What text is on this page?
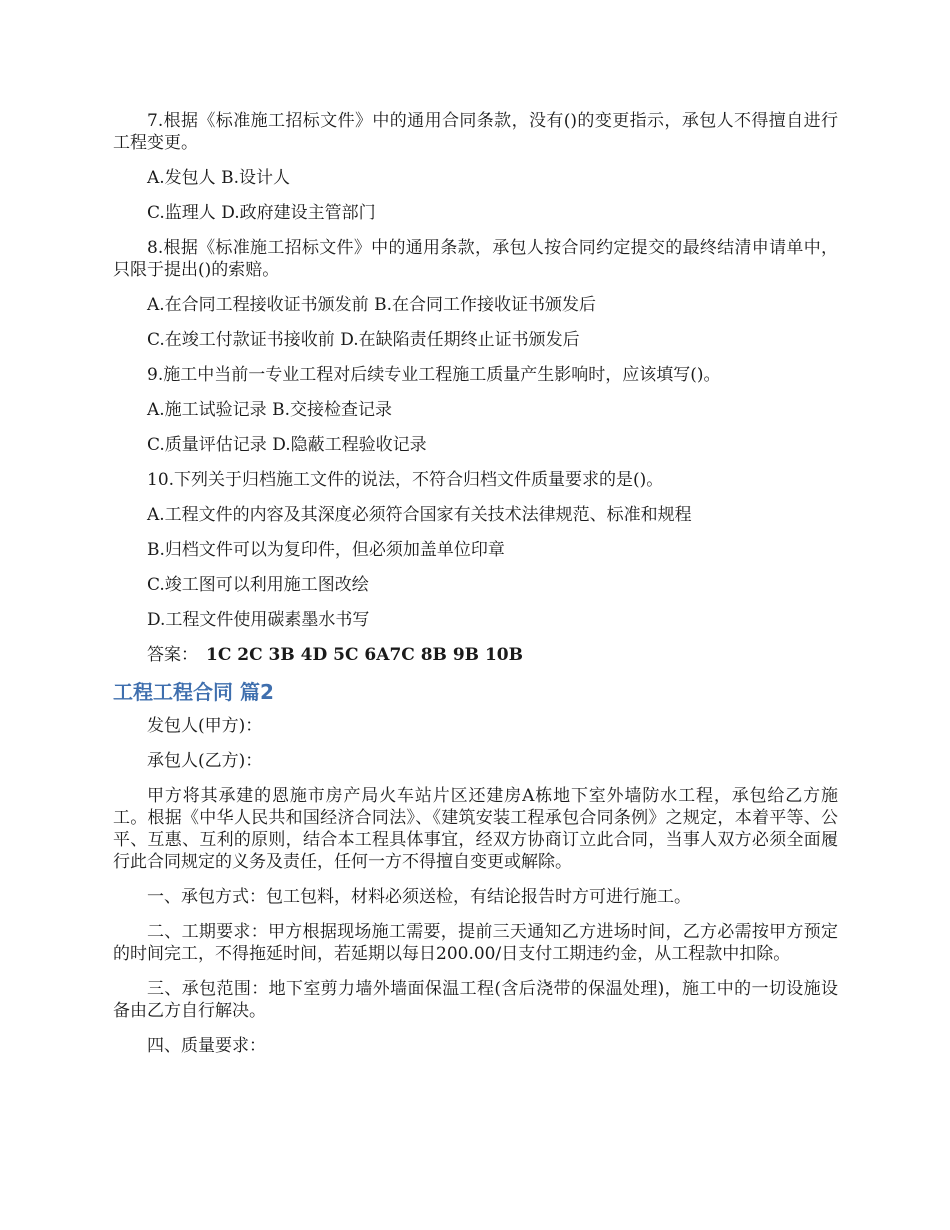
7.根据《标准施工招标文件》中的通用合同条款，没有()的变更指示，承包人不得擅自进行工程变更。

A.发包人 B.设计人

C.监理人 D.政府建设主管部门

8.根据《标准施工招标文件》中的通用条款，承包人按合同约定提交的最终结清申请单中，只限于提出()的索赔。

A.在合同工程接收证书颁发前 B.在合同工作接收证书颁发后

C.在竣工付款证书接收前 D.在缺陷责任期终止证书颁发后

9.施工中当前一专业工程对后续专业工程施工质量产生影响时，应该填写()。

A.施工试验记录 B.交接检查记录

C.质量评估记录 D.隐蔽工程验收记录

10.下列关于归档施工文件的说法，不符合归档文件质量要求的是()。

A.工程文件的内容及其深度必须符合国家有关技术法律规范、标准和规程

B.归档文件可以为复印件，但必须加盖单位印章

C.竣工图可以利用施工图改绘

D.工程文件使用碳素墨水书写

答案： 1C 2C 3B 4D 5C 6A7C 8B 9B 10B

工程工程合同 篇2

发包人(甲方)：

承包人(乙方)：

甲方将其承建的恩施市房产局火车站片区还建房A栋地下室外墙防水工程，承包给乙方施工。根据《中华人民共和国经济合同法》、《建筑安装工程承包合同条例》之规定，本着平等、公平、互惠、互利的原则，结合本工程具体事宜，经双方协商订立此合同，当事人双方必须全面履行此合同规定的义务及责任，任何一方不得擅自变更或解除。

一、承包方式：包工包料，材料必须送检，有结论报告时方可进行施工。

二、工期要求：甲方根据现场施工需要，提前三天通知乙方进场时间，乙方必需按甲方预定的时间完工，不得拖延时间，若延期以每日200.00/日支付工期违约金，从工程款中扣除。

三、承包范围：地下室剪力墙外墙面保温工程(含后浇带的保温处理)，施工中的一切设施设备由乙方自行解决。

四、质量要求：
